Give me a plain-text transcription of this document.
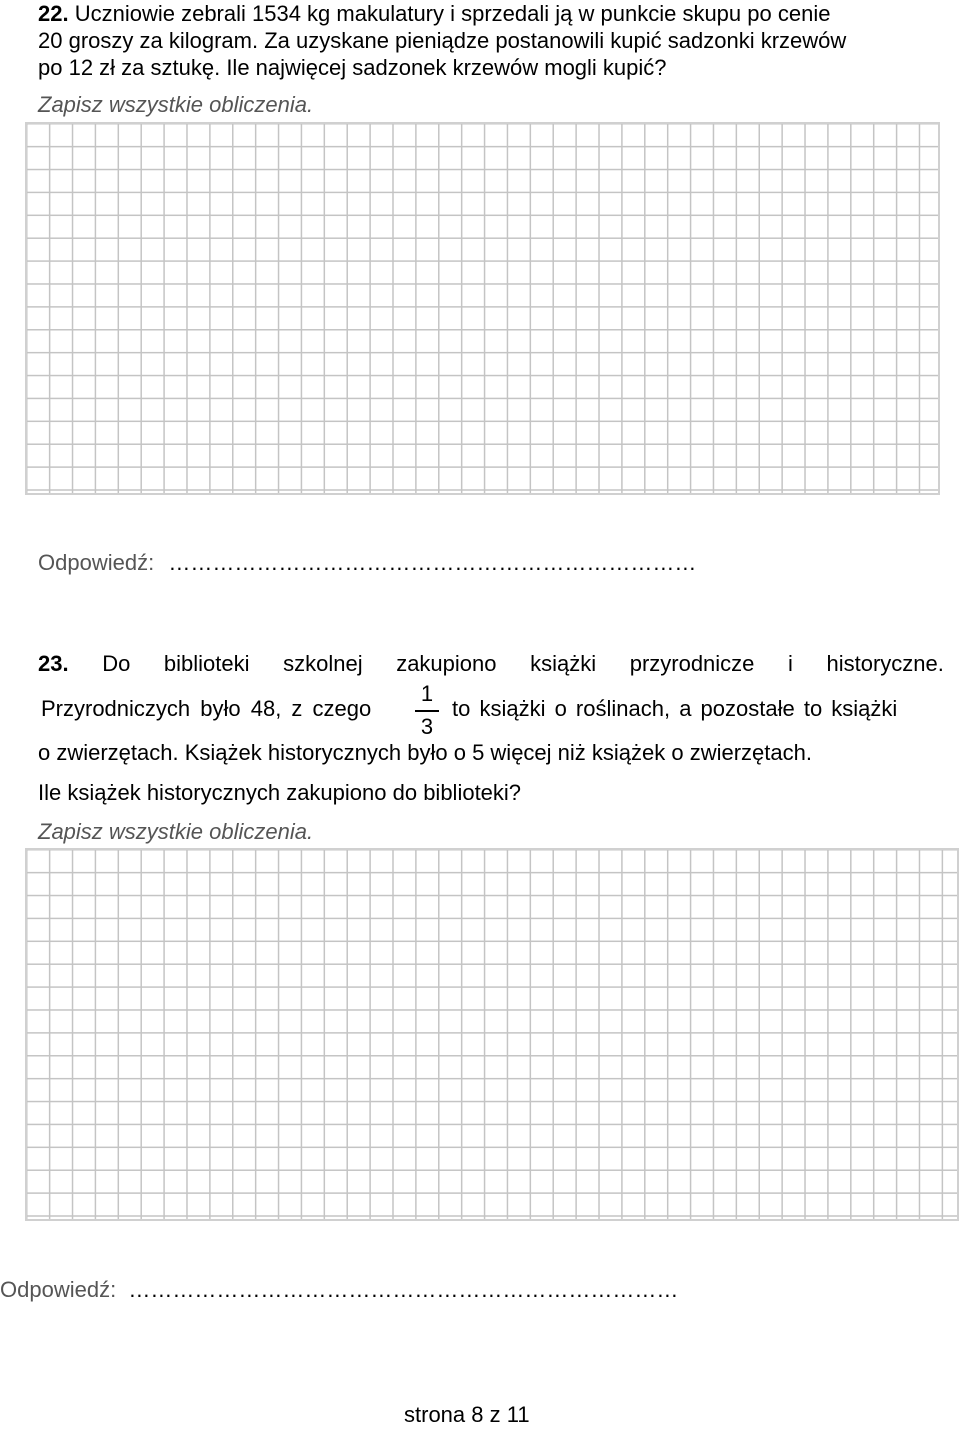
22. Uczniowie zebrali 1534 kg makulatury i sprzedali ją w punkcie skupu po cenie
20 groszy za kilogram. Za uzyskane pieniądze postanowili kupić sadzonki krzewów
po 12 zł za sztukę. Ile najwięcej sadzonek krzewów mogli kupić?
Zapisz wszystkie obliczenia.
Odpowiedź: ………………………………………………………………
23. Do biblioteki szkolnej zakupiono książki przyrodnicze i historyczne.
Przyrodniczych było 48, z czego
1
3
to książki o roślinach, a pozostałe to książki
o zwierzętach. Książek historycznych było o 5 więcej niż książek o zwierzętach.
Ile książek historycznych zakupiono do biblioteki?
Zapisz wszystkie obliczenia.
Odpowiedź: …………………………………………………………………
strona 8 z 11
